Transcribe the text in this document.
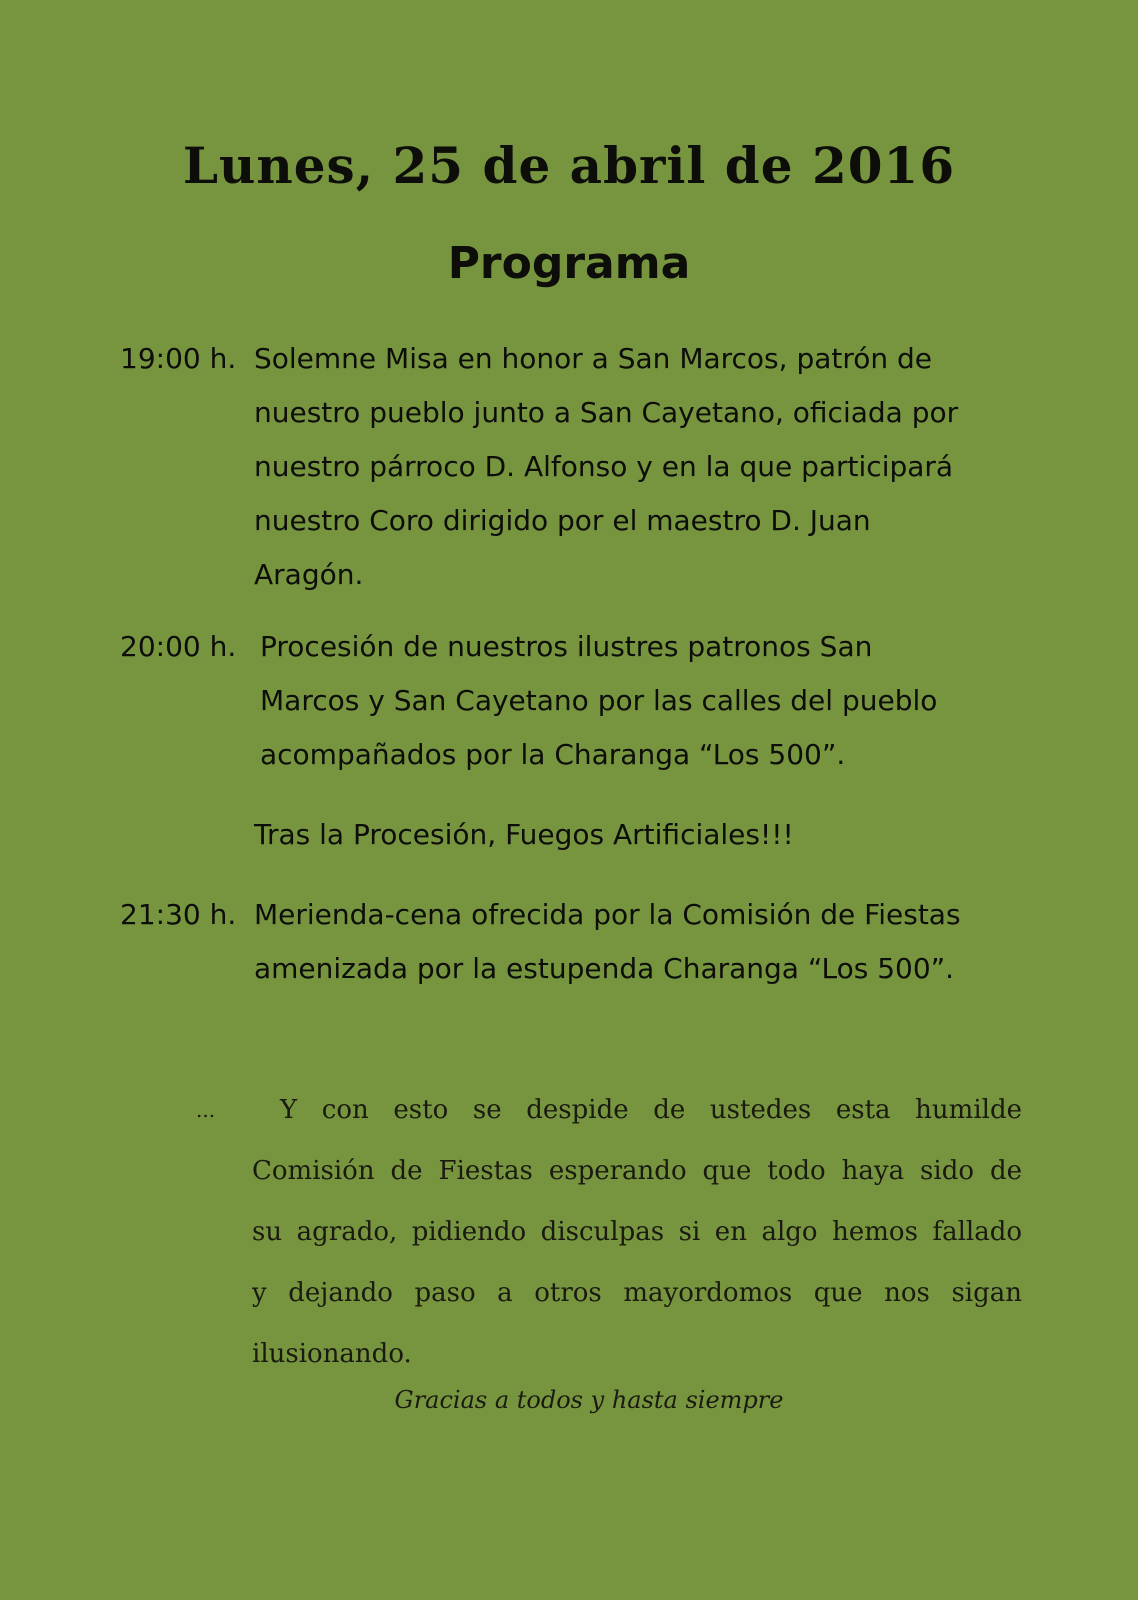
Lunes, 25 de abril de 2016
Programa
19:00 h. Solemne Misa en honor a San Marcos, patrón de
nuestro pueblo junto a San Cayetano, oficiada por
nuestro párroco D. Alfonso y en la que participará
nuestro Coro dirigido por el maestro D. Juan
Aragón.
20:00 h. Procesión de nuestros ilustres patronos San
Marcos y San Cayetano por las calles del pueblo
acompañados por la Charanga “Los 500”.
Tras la Procesión, Fuegos Artificiales!!!
21:30 h. Merienda-cena ofrecida por la Comisión de Fiestas
amenizada por la estupenda Charanga “Los 500”.
...	Y con esto se despide de ustedes esta humilde
Comisión de Fiestas esperando que todo haya sido de
su agrado, pidiendo disculpas si en algo hemos fallado
y dejando paso a otros mayordomos que nos sigan
ilusionando.
Gracias a todos y hasta siempre
